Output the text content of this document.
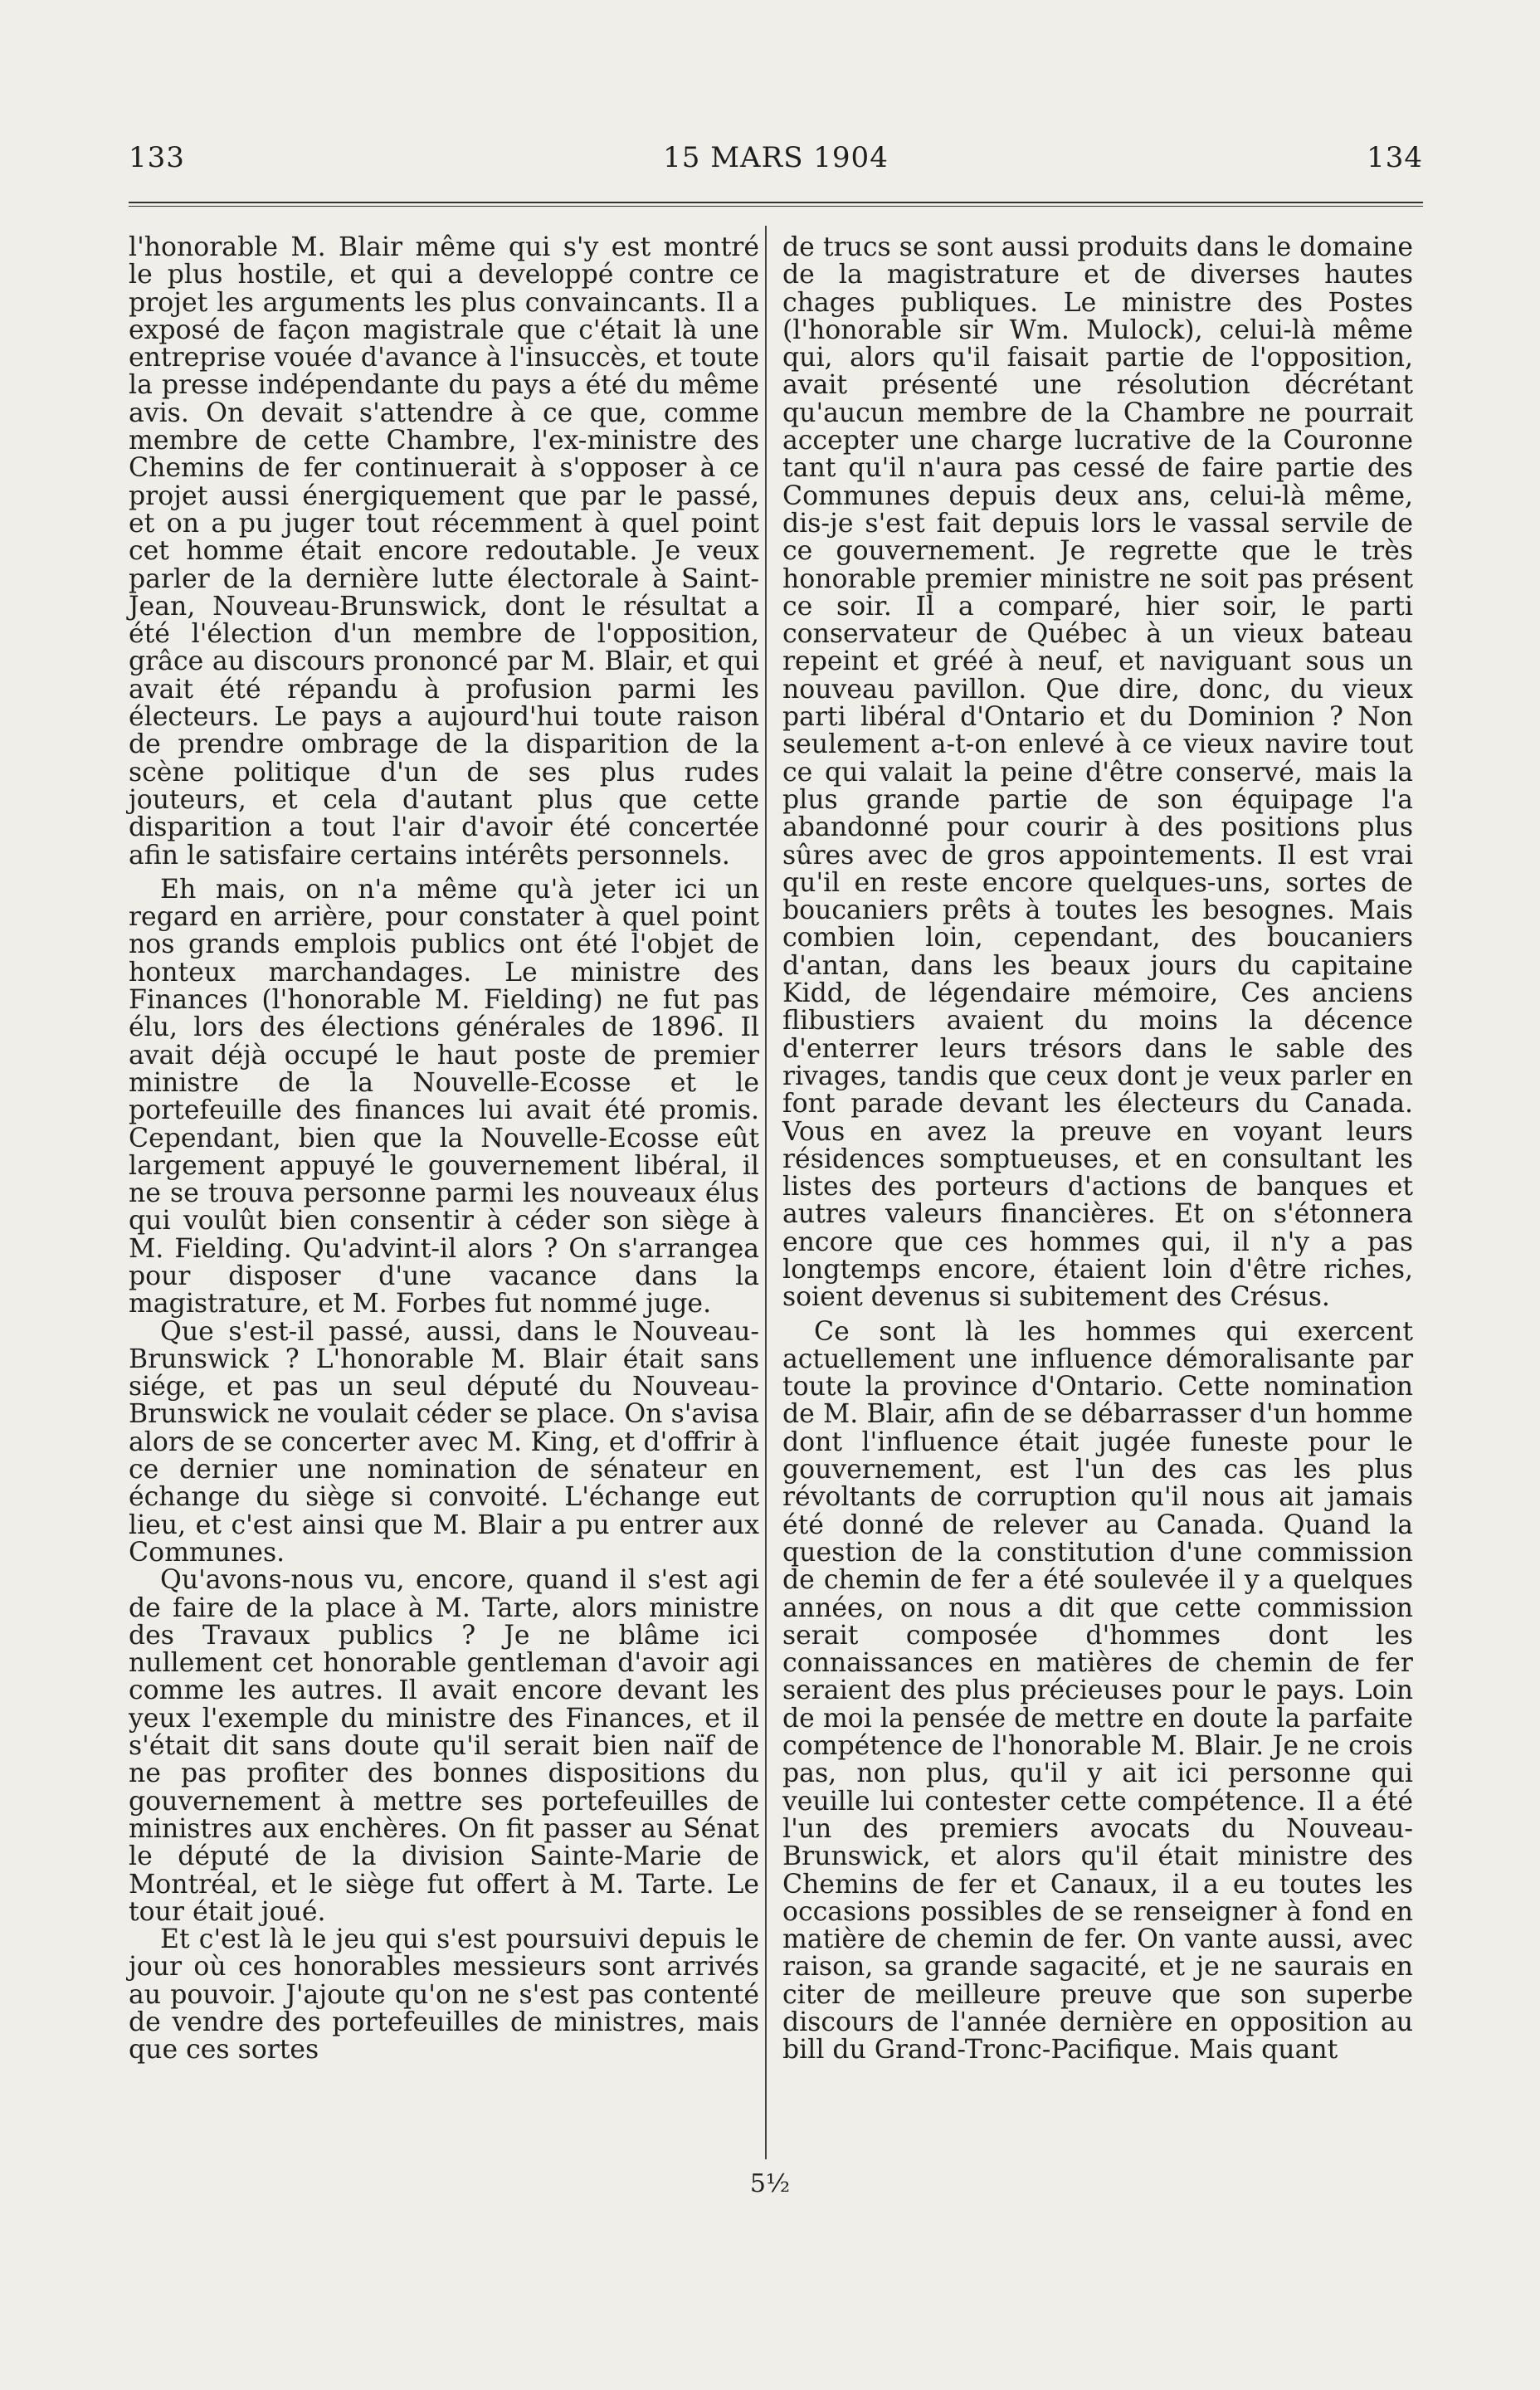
133	15 MARS 1904	134

l'honorable M. Blair même qui s'y est montré le plus hostile, et qui a developpé contre ce projet les arguments les plus convaincants. Il a exposé de façon magistrale que c'était là une entreprise vouée d'avance à l'insuccès, et toute la presse indépendante du pays a été du même avis. On devait s'attendre à ce que, comme membre de cette Chambre, l'ex-ministre des Chemins de fer continuerait à s'opposer à ce projet aussi énergiquement que par le passé, et on a pu juger tout récemment à quel point cet homme était encore redoutable. Je veux parler de la dernière lutte électorale à Saint-Jean, Nouveau-Brunswick, dont le résultat a été l'élection d'un membre de l'opposition, grâce au discours prononcé par M. Blair, et qui avait été répandu à profusion parmi les électeurs. Le pays a aujourd'hui toute raison de prendre ombrage de la disparition de la scène politique d'un de ses plus rudes jouteurs, et cela d'autant plus que cette disparition a tout l'air d'avoir été concertée afin le satisfaire certains intérêts personnels.

Eh mais, on n'a même qu'à jeter ici un regard en arrière, pour constater à quel point nos grands emplois publics ont été l'objet de honteux marchandages. Le ministre des Finances (l'honorable M. Fielding) ne fut pas élu, lors des élections générales de 1896. Il avait déjà occupé le haut poste de premier ministre de la Nouvelle-Ecosse et le portefeuille des finances lui avait été promis. Cependant, bien que la Nouvelle-Ecosse eût largement appuyé le gouvernement libéral, il ne se trouva personne parmi les nouveaux élus qui voulût bien consentir à céder son siège à M. Fielding. Qu'advint-il alors ? On s'arrangea pour disposer d'une vacance dans la magistrature, et M. Forbes fut nommé juge.

Que s'est-il passé, aussi, dans le Nouveau-Brunswick ? L'honorable M. Blair était sans siége, et pas un seul député du Nouveau-Brunswick ne voulait céder se place. On s'avisa alors de se concerter avec M. King, et d'offrir à ce dernier une nomination de sénateur en échange du siège si convoité. L'échange eut lieu, et c'est ainsi que M. Blair a pu entrer aux Communes.

Qu'avons-nous vu, encore, quand il s'est agi de faire de la place à M. Tarte, alors ministre des Travaux publics ? Je ne blâme ici nullement cet honorable gentleman d'avoir agi comme les autres. Il avait encore devant les yeux l'exemple du ministre des Finances, et il s'était dit sans doute qu'il serait bien naïf de ne pas profiter des bonnes dispositions du gouvernement à mettre ses portefeuilles de ministres aux enchères. On fit passer au Sénat le député de la division Sainte-Marie de Montréal, et le siège fut offert à M. Tarte. Le tour était joué.

Et c'est là le jeu qui s'est poursuivi depuis le jour où ces honorables messieurs sont arrivés au pouvoir. J'ajoute qu'on ne s'est pas contenté de vendre des portefeuilles de ministres, mais que ces sortes

de trucs se sont aussi produits dans le domaine de la magistrature et de diverses hautes chages publiques. Le ministre des Postes (l'honorable sir Wm. Mulock), celui-là même qui, alors qu'il faisait partie de l'opposition, avait présenté une résolution décrétant qu'aucun membre de la Chambre ne pourrait accepter une charge lucrative de la Couronne tant qu'il n'aura pas cessé de faire partie des Communes depuis deux ans, celui-là même, dis-je s'est fait depuis lors le vassal servile de ce gouvernement. Je regrette que le très honorable premier ministre ne soit pas présent ce soir. Il a comparé, hier soir, le parti conservateur de Québec à un vieux bateau repeint et gréé à neuf, et naviguant sous un nouveau pavillon. Que dire, donc, du vieux parti libéral d'Ontario et du Dominion ? Non seulement a-t-on enlevé à ce vieux navire tout ce qui valait la peine d'être conservé, mais la plus grande partie de son équipage l'a abandonné pour courir à des positions plus sûres avec de gros appointements. Il est vrai qu'il en reste encore quelques-uns, sortes de boucaniers prêts à toutes les besognes. Mais combien loin, cependant, des boucaniers d'antan, dans les beaux jours du capitaine Kidd, de légendaire mémoire, Ces anciens flibustiers avaient du moins la décence d'enterrer leurs trésors dans le sable des rivages, tandis que ceux dont je veux parler en font parade devant les électeurs du Canada. Vous en avez la preuve en voyant leurs résidences somptueuses, et en consultant les listes des porteurs d'actions de banques et autres valeurs financières. Et on s'étonnera encore que ces hommes qui, il n'y a pas longtemps encore, étaient loin d'être riches, soient devenus si subitement des Crésus.

Ce sont là les hommes qui exercent actuellement une influence démoralisante par toute la province d'Ontario. Cette nomination de M. Blair, afin de se débarrasser d'un homme dont l'influence était jugée funeste pour le gouvernement, est l'un des cas les plus révoltants de corruption qu'il nous ait jamais été donné de relever au Canada. Quand la question de la constitution d'une commission de chemin de fer a été soulevée il y a quelques années, on nous a dit que cette commission serait composée d'hommes dont les connaissances en matières de chemin de fer seraient des plus précieuses pour le pays. Loin de moi la pensée de mettre en doute la parfaite compétence de l'honorable M. Blair. Je ne crois pas, non plus, qu'il y ait ici personne qui veuille lui contester cette compétence. Il a été l'un des premiers avocats du Nouveau-Brunswick, et alors qu'il était ministre des Chemins de fer et Canaux, il a eu toutes les occasions possibles de se renseigner à fond en matière de chemin de fer. On vante aussi, avec raison, sa grande sagacité, et je ne saurais en citer de meilleure preuve que son superbe discours de l'année dernière en opposition au bill du Grand-Tronc-Pacifique. Mais quant

5½
